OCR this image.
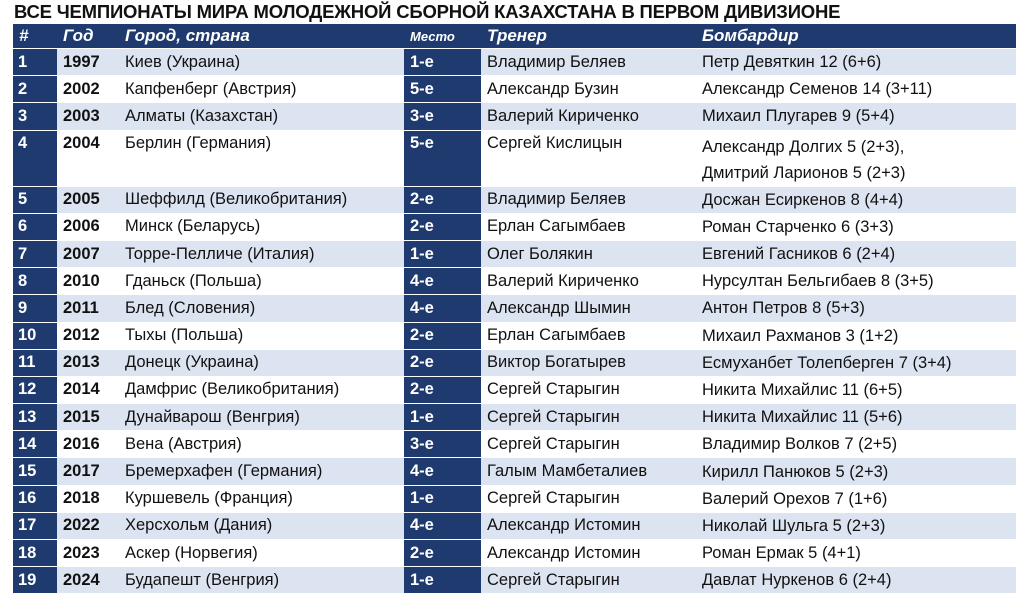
ВСЕ ЧЕМПИОНАТЫ МИРА МОЛОДЕЖНОЙ СБОРНОЙ КАЗАХСТАНА В ПЕРВОМ ДИВИЗИОНЕ
#	Год	Город, страна	Место	Тренер	Бомбардир
1	1997	Киев (Украина)	1-е	Владимир Беляев	Петр Девяткин 12 (6+6)

2	2002	Капфенберг (Австрия)	5-е	Александр Бузин	Александр Семенов 14 (3+11)

3	2003	Алматы (Казахстан)	3-е	Валерий Кириченко	Михаил Плугарев 9 (5+4)

4	2004	Берлин (Германия)	5-е	Сергей Кислицын	Александр Долгих 5 (2+3),
Дмитрий Ларионов 5 (2+3)

5	2005	Шеффилд (Великобритания)	2-е	Владимир Беляев	Досжан Есиркенов 8 (4+4)

6	2006	Минск (Беларусь)	2-е	Ерлан Сагымбаев	Роман Старченко 6 (3+3)

7	2007	Торре-Пелличе (Италия)	1-е	Олег Болякин	Евгений Гасников 6 (2+4)

8	2010	Гданьск (Польша)	4-е	Валерий Кириченко	Нурсултан Бельгибаев 8 (3+5)

9	2011	Блед (Словения)	4-е	Александр Шымин	Антон Петров 8 (5+3)

10	2012	Тыхы (Польша)	2-е	Ерлан Сагымбаев	Михаил Рахманов 3 (1+2)

11	2013	Донецк (Украина)	2-е	Виктор Богатырев	Есмуханбет Толепберген 7 (3+4)

12	2014	Дамфрис (Великобритания)	2-е	Сергей Старыгин	Никита Михайлис 11 (6+5)

13	2015	Дунайварош (Венгрия)	1-е	Сергей Старыгин	Никита Михайлис 11 (5+6)

14	2016	Вена (Австрия)	3-е	Сергей Старыгин	Владимир Волков 7 (2+5)

15	2017	Бремерхафен (Германия)	4-е	Галым Мамбеталиев	Кирилл Панюков 5 (2+3)

16	2018	Куршевель (Франция)	1-е	Сергей Старыгин	Валерий Орехов 7 (1+6)

17	2022	Херсхольм (Дания)	4-е	Александр Истомин	Николай Шульга 5 (2+3)

18	2023	Аскер (Норвегия)	2-е	Александр Истомин	Роман Ермак 5 (4+1)

19	2024	Будапешт (Венгрия)	1-е	Сергей Старыгин	Давлат Нуркенов 6 (2+4)
